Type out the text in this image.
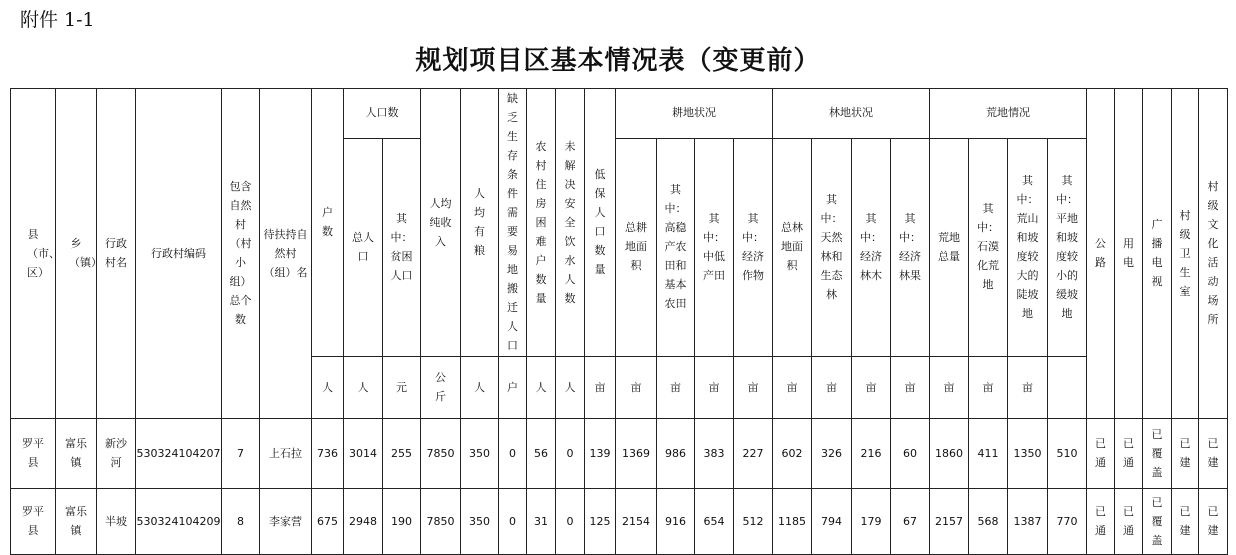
附件 1-1
规划项目区基本情况表（变更前）
县（市、区）	乡（镇）	行政村名	行政村编码	包含自然村（村小组）总个数	待扶持自然村（组）名	户数	人口数		人均纯收入	人均有粮	缺乏生存条件需要易地搬迁人口	农村住房困难户数量	未解决安全饮水人数	低保人口数量	耕地状况				林地状况				荒地情况				公路	用电	广播电视	村级卫生室	村级文化活动场所
							总人口	其中：贫困人口							总耕地面积	其中：高稳产农田和基本农田	其中：中低产田	其中：经济作物	总林地面积	其中：天然林和生态林	其中：经济林木	其中：经济林果	荒地总量	其中：石漠化荒地	其中：荒山和坡度较大的陡坡地	其中：平地和坡度较小的缓坡地					
						人	人	元	公斤	人	户	人	人	亩	亩	亩	亩	亩	亩	亩	亩	亩	亩	亩	亩						
罗平县	富乐镇	新沙河	530324104207	7	上石拉	736	3014	255	7850	350	0	56	0	139	1369	986	383	227	602	326	216	60	1860	411	1350	510	已通	已通	已覆盖	已建	已建
罗平县	富乐镇	半坡	530324104209	8	李家营	675	2948	190	7850	350	0	31	0	125	2154	916	654	512	1185	794	179	67	2157	568	1387	770	已通	已通	已覆盖	已建	已建
